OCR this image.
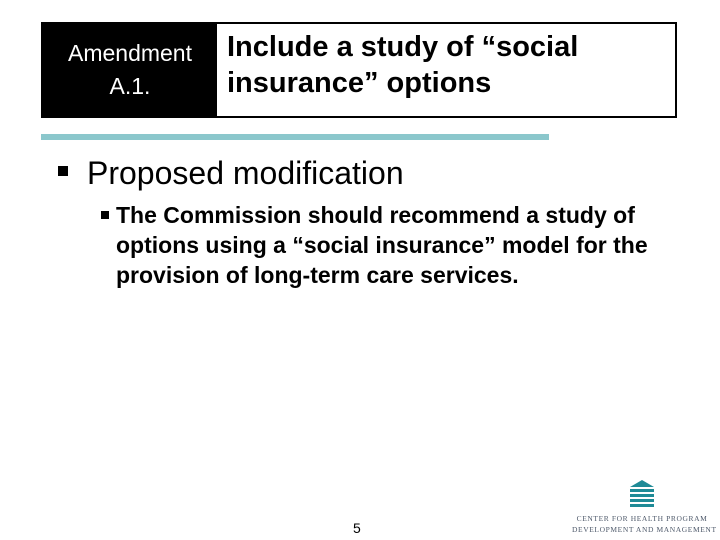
Amendment
A.1.
Include a study of “social insurance” options
Proposed modification
The Commission should recommend a study of options using a “social insurance” model for the provision of long-term care services.
5
CENTER FOR HEALTH PROGRAM
DEVELOPMENT AND MANAGEMENT
